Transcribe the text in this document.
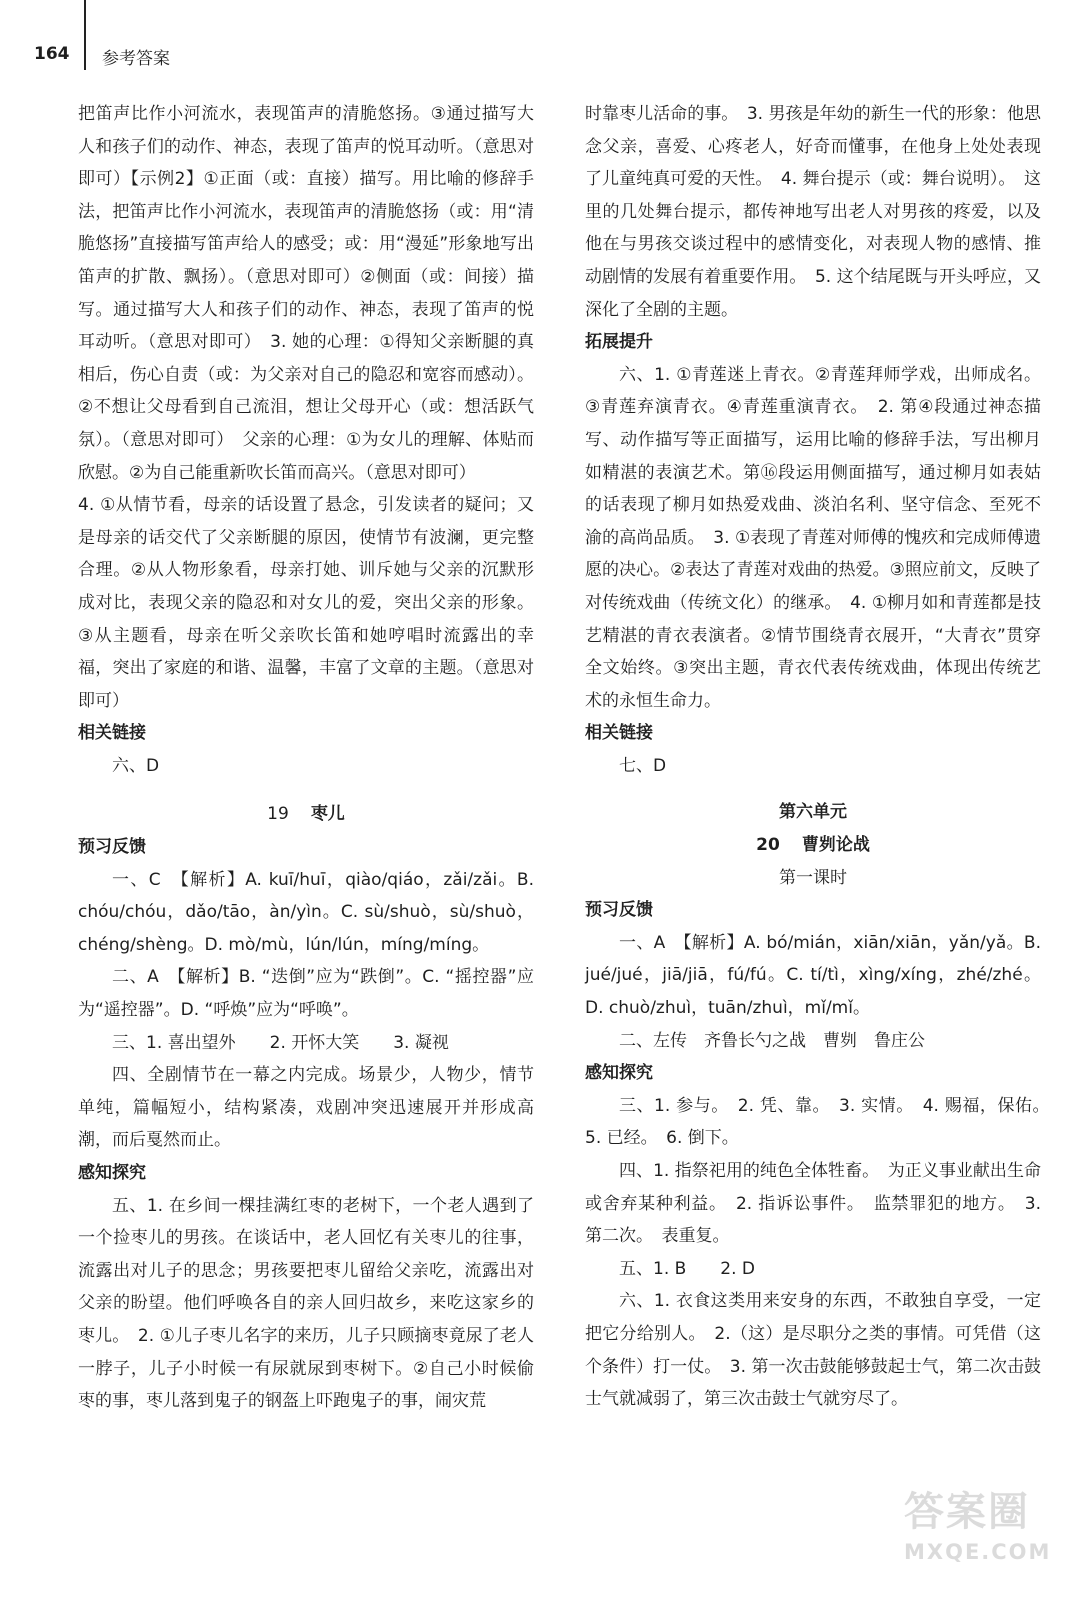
164 参考答案

把笛声比作小河流水，表现笛声的清脆悠扬。③通过描写大人和孩子们的动作、神态，表现了笛声的悦耳动听。（意思对即可）【示例2】①正面（或：直接）描写。用比喻的修辞手法，把笛声比作小河流水，表现笛声的清脆悠扬（或：用“清脆悠扬”直接描写笛声给人的感受；或：用“漫延”形象地写出笛声的扩散、飘扬）。（意思对即可）②侧面（或：间接）描写。通过描写大人和孩子们的动作、神态，表现了笛声的悦耳动听。（意思对即可）　3. 她的心理：①得知父亲断腿的真相后，伤心自责（或：为父亲对自己的隐忍和宽容而感动）。②不想让父母看到自己流泪，想让父母开心（或：想活跃气氛）。（意思对即可）　父亲的心理：①为女儿的理解、体贴而欣慰。②为自己能重新吹长笛而高兴。（意思对即可）

4. ①从情节看，母亲的话设置了悬念，引发读者的疑问；又是母亲的话交代了父亲断腿的原因，使情节有波澜，更完整合理。②从人物形象看，母亲打她、训斥她与父亲的沉默形成对比，表现父亲的隐忍和对女儿的爱，突出父亲的形象。③从主题看，母亲在听父亲吹长笛和她哼唱时流露出的幸福，突出了家庭的和谐、温馨，丰富了文章的主题。（意思对即可）

相关链接

六、D

19 枣儿
预习反馈

一、C　【解析】A. kuī/huī，qiào/qiáo，zǎi/zǎi。B. chóu/chóu，dǎo/tāo，àn/yìn。C. sù/shuò，sù/shuò，chéng/shèng。D. mò/mù，lún/lún，míng/míng。

二、A　【解析】B. “迭倒”应为“跌倒”。C. “摇控器”应为“遥控器”。D. “呼焕”应为“呼唤”。

三、1. 喜出望外　　2. 开怀大笑　　3. 凝视

四、全剧情节在一幕之内完成。场景少，人物少，情节单纯，篇幅短小，结构紧凑，戏剧冲突迅速展开并形成高潮，而后戛然而止。

感知探究

五、1. 在乡间一棵挂满红枣的老树下，一个老人遇到了一个捡枣儿的男孩。在谈话中，老人回忆有关枣儿的往事，流露出对儿子的思念；男孩要把枣儿留给父亲吃，流露出对父亲的盼望。他们呼唤各自的亲人回归故乡，来吃这家乡的枣儿。　2. ①儿子枣儿名字的来历，儿子只顾摘枣竟尿了老人一脖子，儿子小时候一有尿就尿到枣树下。②自己小时候偷枣的事，枣儿落到鬼子的钢盔上吓跑鬼子的事，闹灾荒

时靠枣儿活命的事。　3. 男孩是年幼的新生一代的形象：他思念父亲，喜爱、心疼老人，好奇而懂事，在他身上处处表现了儿童纯真可爱的天性。　4. 舞台提示（或：舞台说明）。　这里的几处舞台提示，都传神地写出老人对男孩的疼爱，以及他在与男孩交谈过程中的感情变化，对表现人物的感情、推动剧情的发展有着重要作用。　5. 这个结尾既与开头呼应，又深化了全剧的主题。

拓展提升

六、1. ①青莲迷上青衣。②青莲拜师学戏，出师成名。③青莲弃演青衣。④青莲重演青衣。　2. 第④段通过神态描写、动作描写等正面描写，运用比喻的修辞手法，写出柳月如精湛的表演艺术。第⑯段运用侧面描写，通过柳月如表姑的话表现了柳月如热爱戏曲、淡泊名利、坚守信念、至死不渝的高尚品质。　3. ①表现了青莲对师傅的愧疚和完成师傅遗愿的决心。②表达了青莲对戏曲的热爱。③照应前文，反映了对传统戏曲（传统文化）的继承。　4. ①柳月如和青莲都是技艺精湛的青衣表演者。②情节围绕青衣展开，“大青衣”贯穿全文始终。③突出主题，青衣代表传统戏曲，体现出传统艺术的永恒生命力。

相关链接

七、D

第六单元

20 曹刿论战

第一课时

预习反馈

一、A　【解析】A. bó/mián，xiān/xiān，yǎn/yǎ。B. jué/jué，jiā/jiā，fú/fú。C. tí/tì，xìng/xíng，zhé/zhé。D. chuò/zhuì，tuān/zhuì，mǐ/mǐ。

二、左传　齐鲁长勺之战　曹刿　鲁庄公

感知探究

三、1. 参与。　2. 凭、靠。　3. 实情。　4. 赐福，保佑。　5. 已经。　6. 倒下。

四、1. 指祭祀用的纯色全体牲畜。　为正义事业献出生命或舍弃某种利益。　2. 指诉讼事件。　监禁罪犯的地方。　3. 第二次。　表重复。

五、1. B　　2. D

六、1. 衣食这类用来安身的东西，不敢独自享受，一定把它分给别人。　2.（这）是尽职分之类的事情。可凭借（这个条件）打一仗。　3. 第一次击鼓能够鼓起士气，第二次击鼓士气就减弱了，第三次击鼓士气就穷尽了。

答案圈
MXQE.COM
